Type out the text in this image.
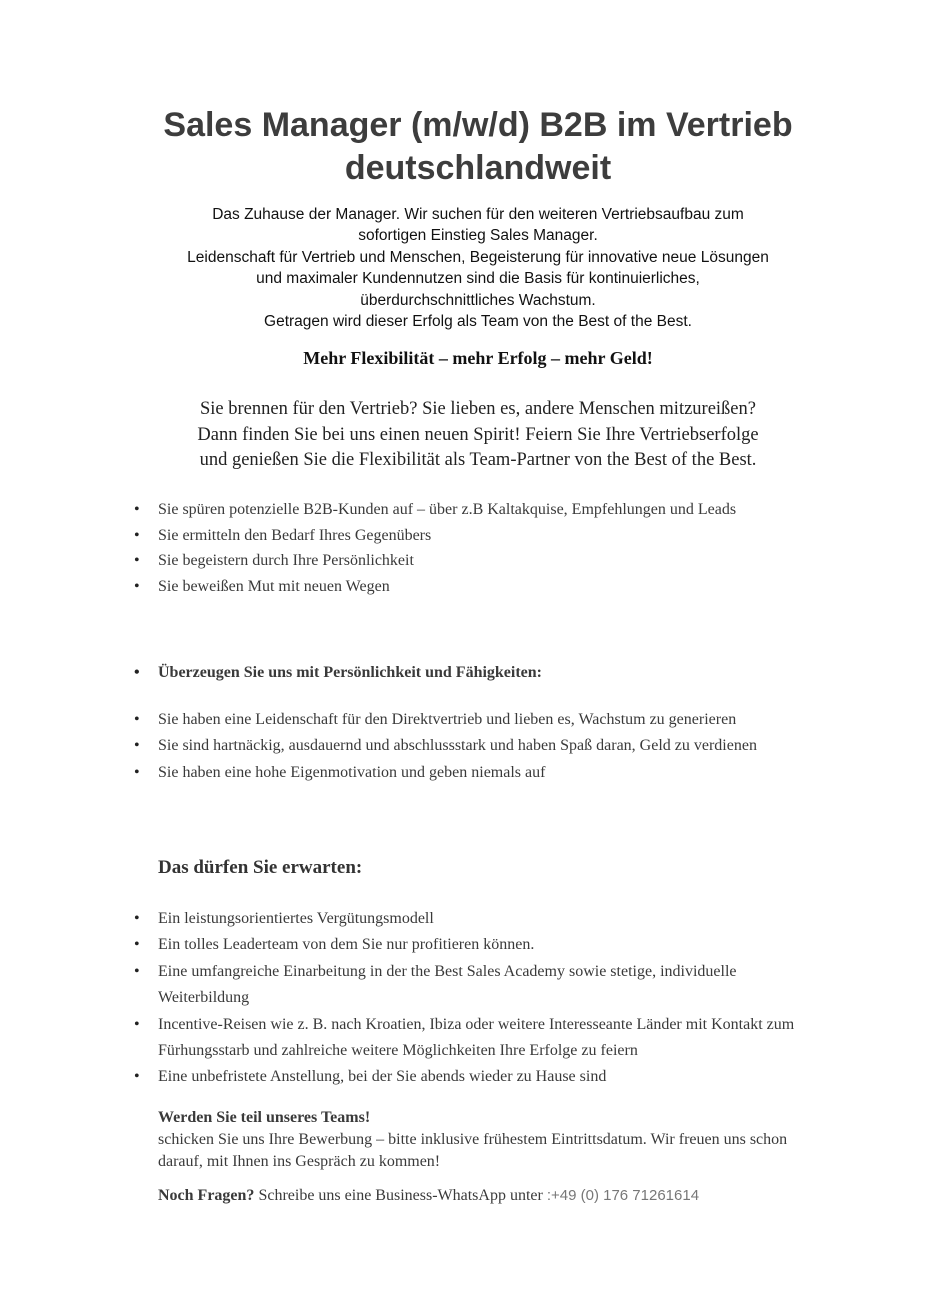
Sales Manager (m/w/d) B2B im Vertrieb deutschlandweit
Das Zuhause der Manager. Wir suchen für den weiteren Vertriebsaufbau zum
sofortigen Einstieg Sales Manager.
Leidenschaft für Vertrieb und Menschen, Begeisterung für innovative neue Lösungen
und maximaler Kundennutzen sind die Basis für kontinuierliches,
überdurchschnittliches Wachstum.
Getragen wird dieser Erfolg als Team von the Best of the Best.
Mehr Flexibilität – mehr Erfolg – mehr Geld!
Sie brennen für den Vertrieb? Sie lieben es, andere Menschen mitzureißen?
Dann finden Sie bei uns einen neuen Spirit! Feiern Sie Ihre Vertriebserfolge
und genießen Sie die Flexibilität als Team-Partner von the Best of the Best.
• Sie spüren potenzielle B2B-Kunden auf – über z.B Kaltakquise, Empfehlungen und Leads
• Sie ermitteln den Bedarf Ihres Gegenübers
• Sie begeistern durch Ihre Persönlichkeit
• Sie beweißen Mut mit neuen Wegen
• Überzeugen Sie uns mit Persönlichkeit und Fähigkeiten:
• Sie haben eine Leidenschaft für den Direktvertrieb und lieben es, Wachstum zu generieren
• Sie sind hartnäckig, ausdauernd und abschlussstark und haben Spaß daran, Geld zu verdienen
• Sie haben eine hohe Eigenmotivation und geben niemals auf
Das dürfen Sie erwarten:
• Ein leistungsorientiertes Vergütungsmodell
• Ein tolles Leaderteam von dem Sie nur profitieren können.
• Eine umfangreiche Einarbeitung in der the Best Sales Academy sowie stetige, individuelle Weiterbildung
• Incentive-Reisen wie z. B. nach Kroatien, Ibiza oder weitere Interesseante Länder mit Kontakt zum Fürhungsstarb und zahlreiche weitere Möglichkeiten Ihre Erfolge zu feiern
• Eine unbefristete Anstellung, bei der Sie abends wieder zu Hause sind
Werden Sie teil unseres Teams!
schicken Sie uns Ihre Bewerbung – bitte inklusive frühestem Eintrittsdatum. Wir freuen uns schon darauf, mit Ihnen ins Gespräch zu kommen!
Noch Fragen? Schreibe uns eine Business-WhatsApp unter :+49 (0) 176 71261614
